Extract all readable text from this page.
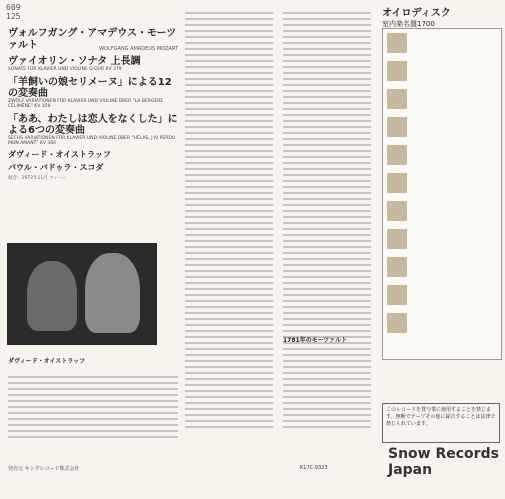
609
125
ヴォルフガング・アマデウス・モーツァルト	WOLFGANG AMADEUS MOZART
ヴァイオリン・ソナタ 上長調
SONATE FÜR KLAVIER UND VIOLINE G-DUR KV 379
「羊飼いの娘セリメーヌ」による12の変奏曲
ZWÖLF VARIATIONEN FÜR KLAVIER UND VIOLINE ÜBER "LA BERGÈRE CÉLIMÈNE" KV 359
「ああ、わたしは恋人をなくした」による6つの変奏曲
SECHS VARIATIONEN FÜR KLAVIER UND VIOLINE ÜBER "HÉLAS, J'AI PERDU MON AMANT" KV 360
ダヴィード・オイストラッフ
パウル・バドゥラ・スコダ
録音：1972年11月 ウィーン
ダヴィード・オイストラッフ
オイロディスク
室内楽名盤1700
1781年のモーツァルト
このレコードを貸与業に使用することを禁じます。無断でテープその他に録音することは法律で禁じられています。
Snow Records Japan
発売元 キングレコード株式会社	K17C-9323
